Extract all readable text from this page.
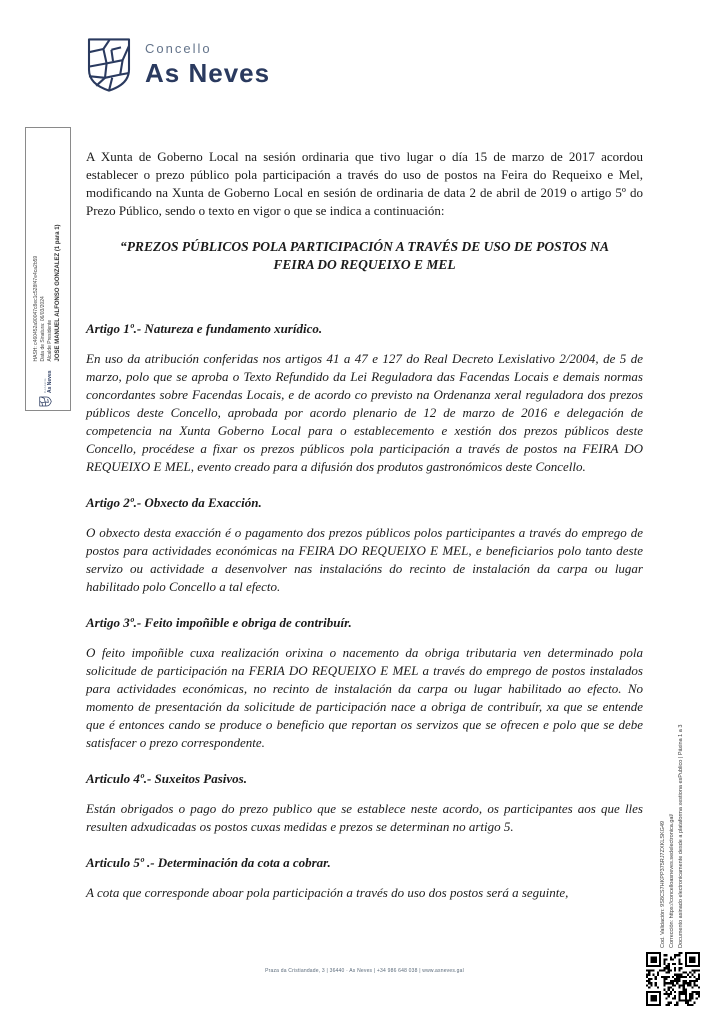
Concello
As Neves

A Xunta de Goberno Local na sesión ordinaria que tivo lugar o día 15 de marzo de 2017 acordou establecer o prezo público pola participación a través do uso de postos na Feira do Requeixo e Mel, modificando na Xunta de Goberno Local en sesión de ordinaria de data 2 de abril de 2019 o artigo 5º do Prezo Público, sendo o texto en vigor o que se indica a continuación:

“PREZOS PÚBLICOS POLA PARTICIPACIÓN A TRAVÉS DE USO DE POSTOS NA FEIRA DO REQUEIXO E MEL

Artigo 1º.- Natureza e fundamento xurídico.

En uso da atribución conferidas nos artigos 41 a 47 e 127 do Real Decreto Lexislativo 2/2004, de 5 de marzo, polo que se aproba o Texto Refundido da Lei Reguladora das Facendas Locais e demais normas concordantes sobre Facendas Locais, e de acordo co previsto na Ordenanza xeral reguladora dos prezos públicos deste Concello, aprobada por acordo plenario de 12 de marzo de 2016 e delegación de competencia na Xunta Goberno Local para o establecemento e xestión dos prezos públicos deste Concello, procédese a fixar os prezos públicos pola participación a través de postos na FEIRA DO REQUEIXO E MEL, evento creado para a difusión dos produtos gastronómicos deste Concello.

Artigo 2º.- Obxecto da Exacción.

O obxecto desta exacción é o pagamento dos prezos públicos polos participantes a través do emprego de postos para actividades económicas na FEIRA DO REQUEIXO E MEL, e beneficiarios polo tanto deste servizo ou actividade a desenvolver nas instalacións do recinto de instalación da carpa ou lugar habilitado polo Concello a tal efecto.

Artigo 3º.- Feito impoñible e obriga de contribuír.

O feito impoñible cuxa realización orixina o nacemento da obriga tributaria ven determinado pola solicitude de participación na FERIA DO REQUEIXO E MEL a través do emprego de postos instalados para actividades económicas, no recinto de instalación da carpa ou lugar habilitado ao efecto. No momento de presentación da solicitude de participación nace a obriga de contribuír, xa que se entende que é entonces cando se produce o beneficio que reportan os servizos que se ofrecen e polo que se debe satisfacer o prezo correspondente.

Articulo 4º.- Suxeitos Pasivos.

Están obrigados o pago do prezo publico que se establece neste acordo, os participantes aos que lles resulten adxudicadas os postos cuxas medidas e prezos se determinan no artigo 5.

Articulo 5º .- Determinación da cota a cobrar.

A cota que corresponde aboar pola participación a través do uso dos postos será a seguinte,

Concello As Neves
JOSE MANUEL ALFONSO GONZALEZ (1 para 1)
Alcalde Presidente
Data de Sinatura: 06/03/2024
HASH: c460452a90047c8ec1c528f47e4ca2b59
Cod. Validación: 9S8CS7HKPP375RJ7ZXKLSKG49 Corrección: https://concelloasneves.sedelectronica.gal/ Documento asinado electronicamente desde a plataforma xestiona esPublico | Páxina 1 a 3
Praza da Cristiandade, 3 | 36440 · As Neves | +34 986 648 038 | www.asneves.gal
